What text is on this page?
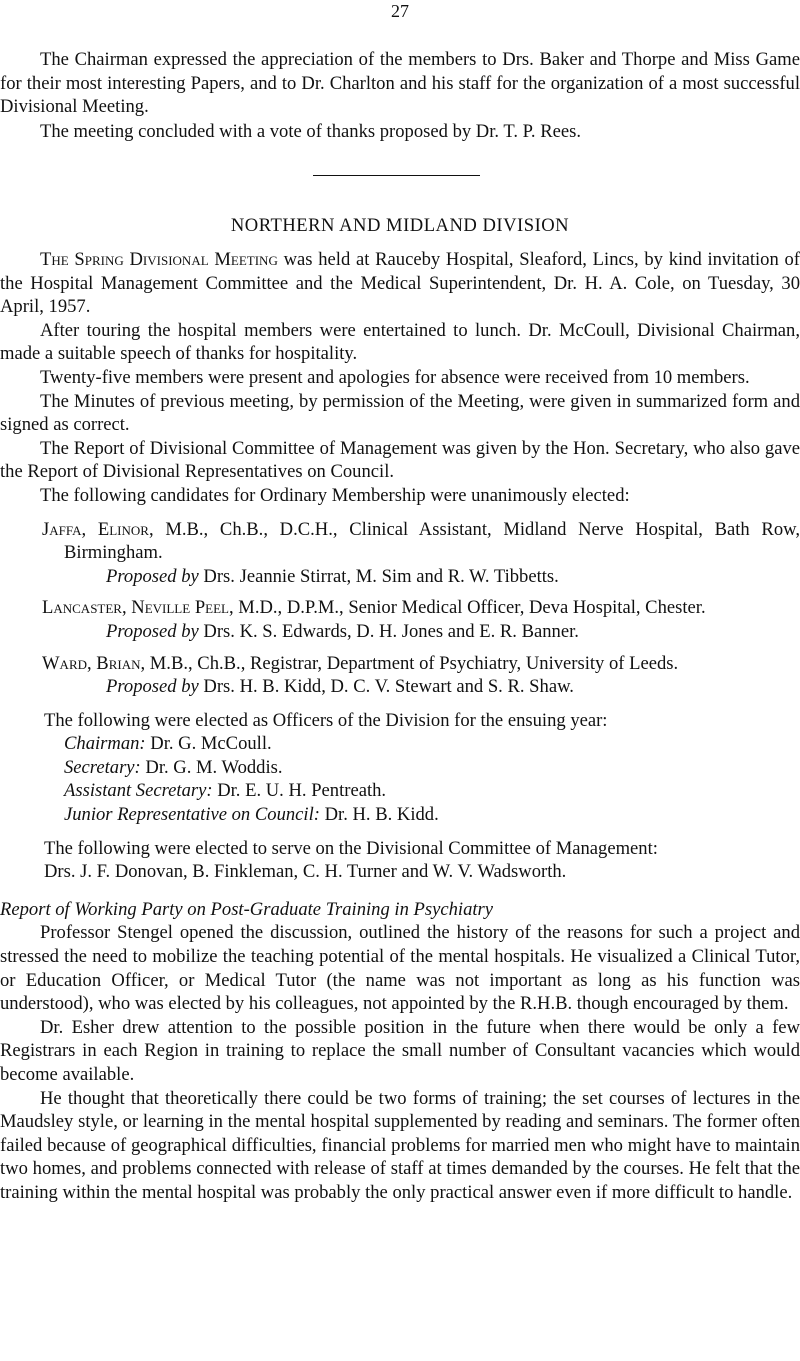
27

The Chairman expressed the appreciation of the members to Drs. Baker and Thorpe and Miss Game for their most interesting Papers, and to Dr. Charlton and his staff for the organization of a most successful Divisional Meeting.

The meeting concluded with a vote of thanks proposed by Dr. T. P. Rees.

NORTHERN AND MIDLAND DIVISION

The Spring Divisional Meeting was held at Rauceby Hospital, Sleaford, Lincs, by kind invitation of the Hospital Management Committee and the Medical Superintendent, Dr. H. A. Cole, on Tuesday, 30 April, 1957.

After touring the hospital members were entertained to lunch. Dr. McCoull, Divisional Chairman, made a suitable speech of thanks for hospitality.

Twenty-five members were present and apologies for absence were received from 10 members.

The Minutes of previous meeting, by permission of the Meeting, were given in summarized form and signed as correct.

The Report of Divisional Committee of Management was given by the Hon. Secretary, who also gave the Report of Divisional Representatives on Council.

The following candidates for Ordinary Membership were unanimously elected:

Jaffa, Elinor, M.B., Ch.B., D.C.H., Clinical Assistant, Midland Nerve Hospital, Bath Row, Birmingham.

Proposed by Drs. Jeannie Stirrat, M. Sim and R. W. Tibbetts.

Lancaster, Neville Peel, M.D., D.P.M., Senior Medical Officer, Deva Hospital, Chester.

Proposed by Drs. K. S. Edwards, D. H. Jones and E. R. Banner.

Ward, Brian, M.B., Ch.B., Registrar, Department of Psychiatry, University of Leeds.

Proposed by Drs. H. B. Kidd, D. C. V. Stewart and S. R. Shaw.

The following were elected as Officers of the Division for the ensuing year:

Chairman: Dr. G. McCoull.

Secretary: Dr. G. M. Woddis.

Assistant Secretary: Dr. E. U. H. Pentreath.

Junior Representative on Council: Dr. H. B. Kidd.

The following were elected to serve on the Divisional Committee of Management:

Drs. J. F. Donovan, B. Finkleman, C. H. Turner and W. V. Wadsworth.

Report of Working Party on Post-Graduate Training in Psychiatry

Professor Stengel opened the discussion, outlined the history of the reasons for such a project and stressed the need to mobilize the teaching potential of the mental hospitals. He visualized a Clinical Tutor, or Education Officer, or Medical Tutor (the name was not important as long as his function was understood), who was elected by his colleagues, not appointed by the R.H.B. though encouraged by them.

Dr. Esher drew attention to the possible position in the future when there would be only a few Registrars in each Region in training to replace the small number of Consultant vacancies which would become available.

He thought that theoretically there could be two forms of training; the set courses of lectures in the Maudsley style, or learning in the mental hospital supplemented by reading and seminars. The former often failed because of geographical difficulties, financial problems for married men who might have to maintain two homes, and problems connected with release of staff at times demanded by the courses. He felt that the training within the mental hospital was probably the only practical answer even if more difficult to handle.
